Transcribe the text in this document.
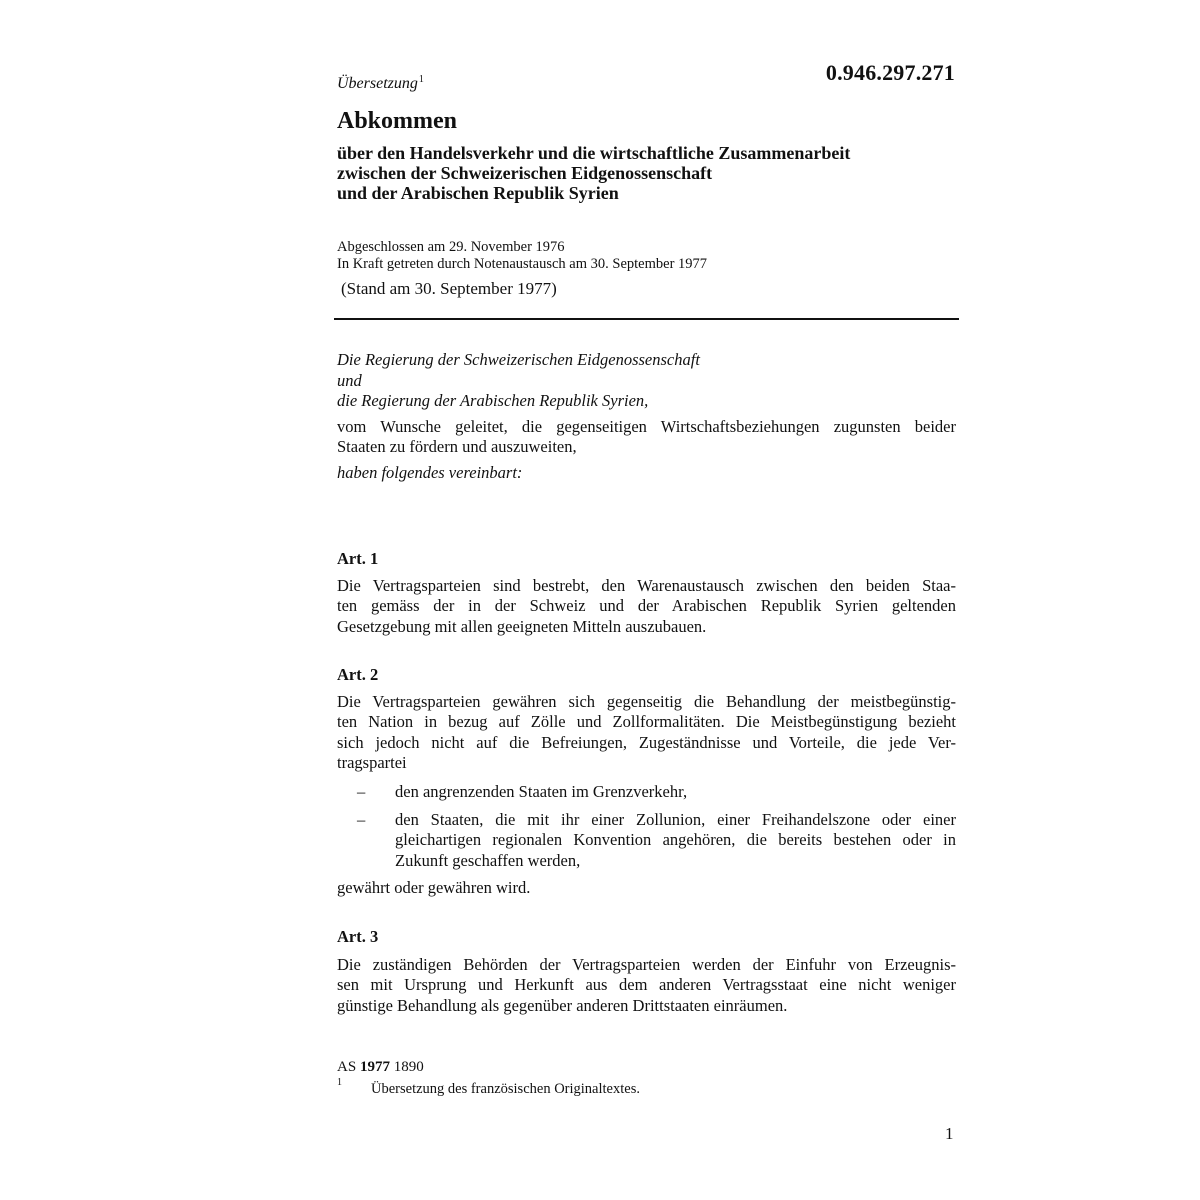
Übersetzung$^1$	0.946.297.271
Abkommen
über den Handelsverkehr und die wirtschaftliche Zusammenarbeit
zwischen der Schweizerischen Eidgenossenschaft
und der Arabischen Republik Syrien
Abgeschlossen am 29. November 1976
In Kraft getreten durch Notenaustausch am 30. September 1977
(Stand am 30. September 1977)
Die Regierung der Schweizerischen Eidgenossenschaft
und
die Regierung der Arabischen Republik Syrien,
vom Wunsche geleitet, die gegenseitigen Wirtschaftsbeziehungen zugunsten beider
Staaten zu fördern und auszuweiten,
haben folgendes vereinbart:
Art. 1
Die Vertragsparteien sind bestrebt, den Warenaustausch zwischen den beiden Staa-
ten gemäss der in der Schweiz und der Arabischen Republik Syrien geltenden
Gesetzgebung mit allen geeigneten Mitteln auszubauen.
Art. 2
Die Vertragsparteien gewähren sich gegenseitig die Behandlung der meistbegünstig-
ten Nation in bezug auf Zölle und Zollformalitäten. Die Meistbegünstigung bezieht
sich jedoch nicht auf die Befreiungen, Zugeständnisse und Vorteile, die jede Ver-
tragspartei
– den angrenzenden Staaten im Grenzverkehr,
– den Staaten, die mit ihr einer Zollunion, einer Freihandelszone oder einer
gleichartigen regionalen Konvention angehören, die bereits bestehen oder in
Zukunft geschaffen werden,
gewährt oder gewähren wird.
Art. 3
Die zuständigen Behörden der Vertragsparteien werden der Einfuhr von Erzeugnis-
sen mit Ursprung und Herkunft aus dem anderen Vertragsstaat eine nicht weniger
günstige Behandlung als gegenüber anderen Drittstaaten einräumen.
AS 1977 1890
1 Übersetzung des französischen Originaltextes.
1
